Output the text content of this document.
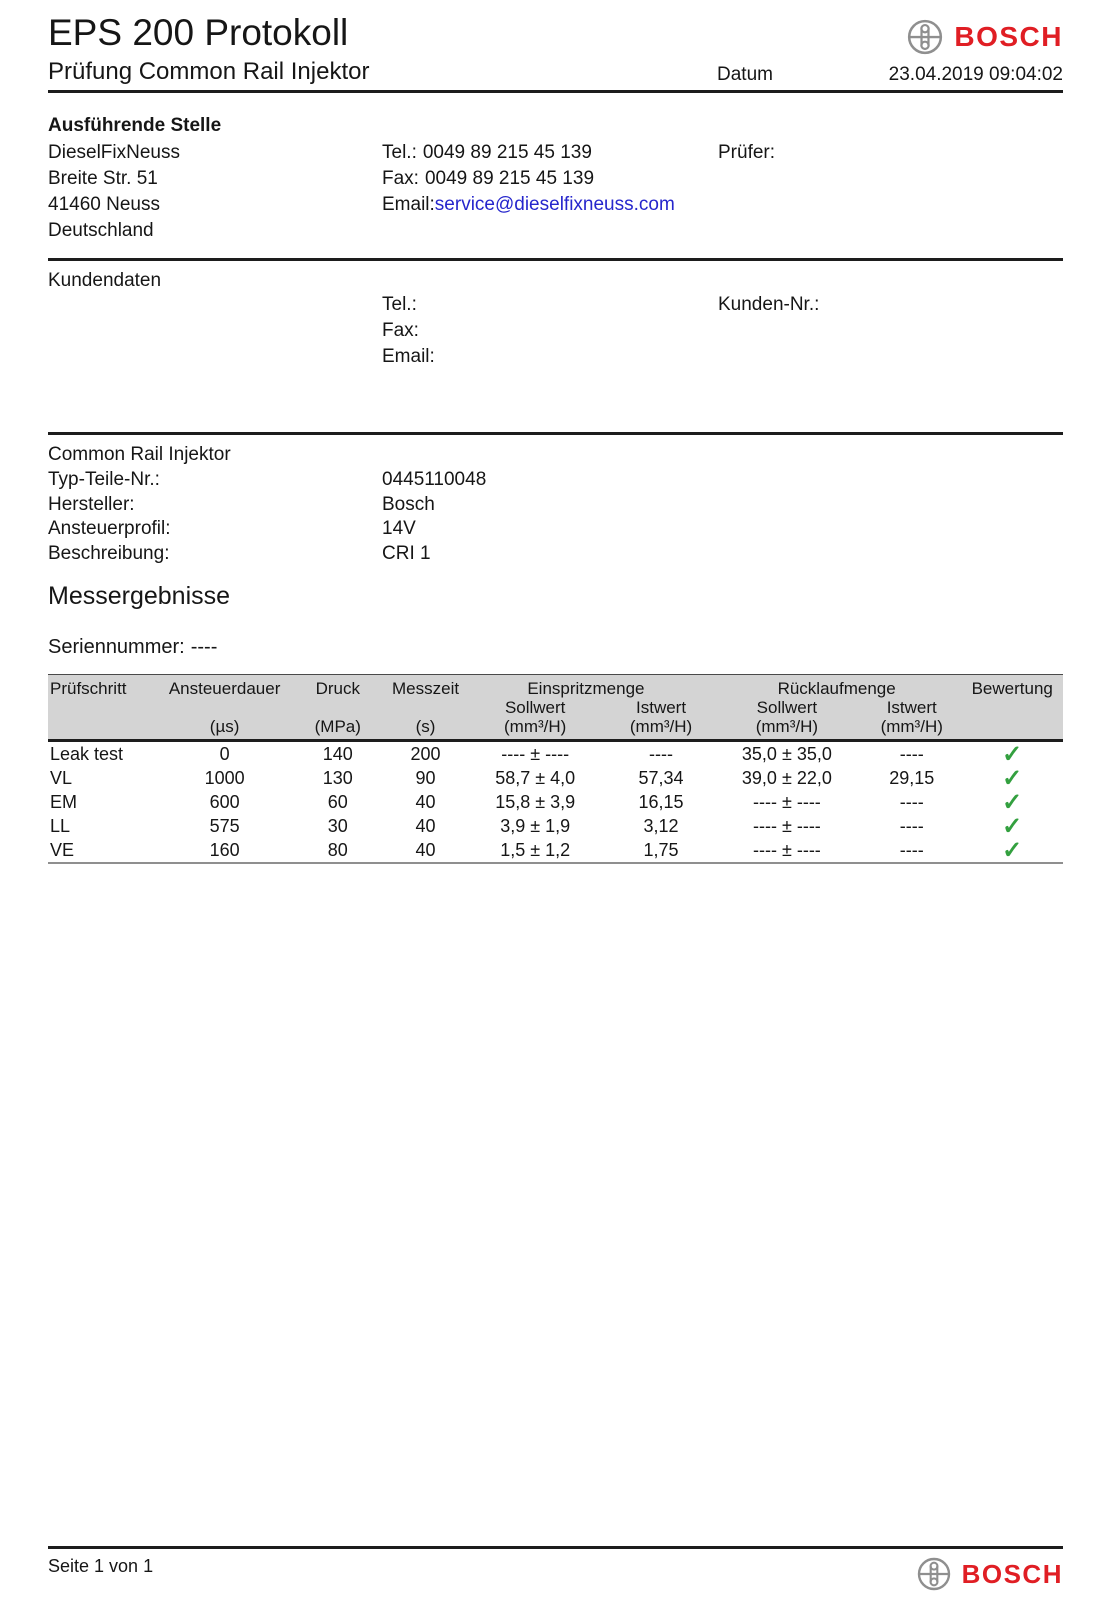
EPS 200 Protokoll	BOSCH
Prüfung Common Rail Injektor	Datum	23.04.2019 09:04:02

Ausführende Stelle

DieselFixNeuss
Breite Str. 51
41460 Neuss
Deutschland
Tel.: 0049 89 215 45 139
Fax: 0049 89 215 45 139
Email:service@dieselfixneuss.com
Prüfer:

Kundendaten

Tel.:
Fax:
Email:
Kunden-Nr.:

Common Rail Injektor

Typ-Teile-Nr.:	0445110048
Hersteller:	Bosch
Ansteuerprofil:	14V
Beschreibung:	CRI 1
Messergebnisse
Seriennummer: ----
Prüfschritt	Ansteuerdauer	Druck	Messzeit	Einspritzmenge		Rücklaufmenge		Bewertung
				Sollwert	Istwert	Sollwert	Istwert	
	(µs)	(MPa)	(s)	(mm³/H)	(mm³/H)	(mm³/H)	(mm³/H)	
Leak test	0	140	200	---- ± ----	----	35,0 ± 35,0	----	✓
VL	1000	130	90	58,7 ± 4,0	57,34	39,0 ± 22,0	29,15	✓
EM	600	60	40	15,8 ± 3,9	16,15	---- ± ----	----	✓
LL	575	30	40	3,9 ± 1,9	3,12	---- ± ----	----	✓
VE	160	80	40	1,5 ± 1,2	1,75	---- ± ----	----	✓
Seite 1 von 1	BOSCH
